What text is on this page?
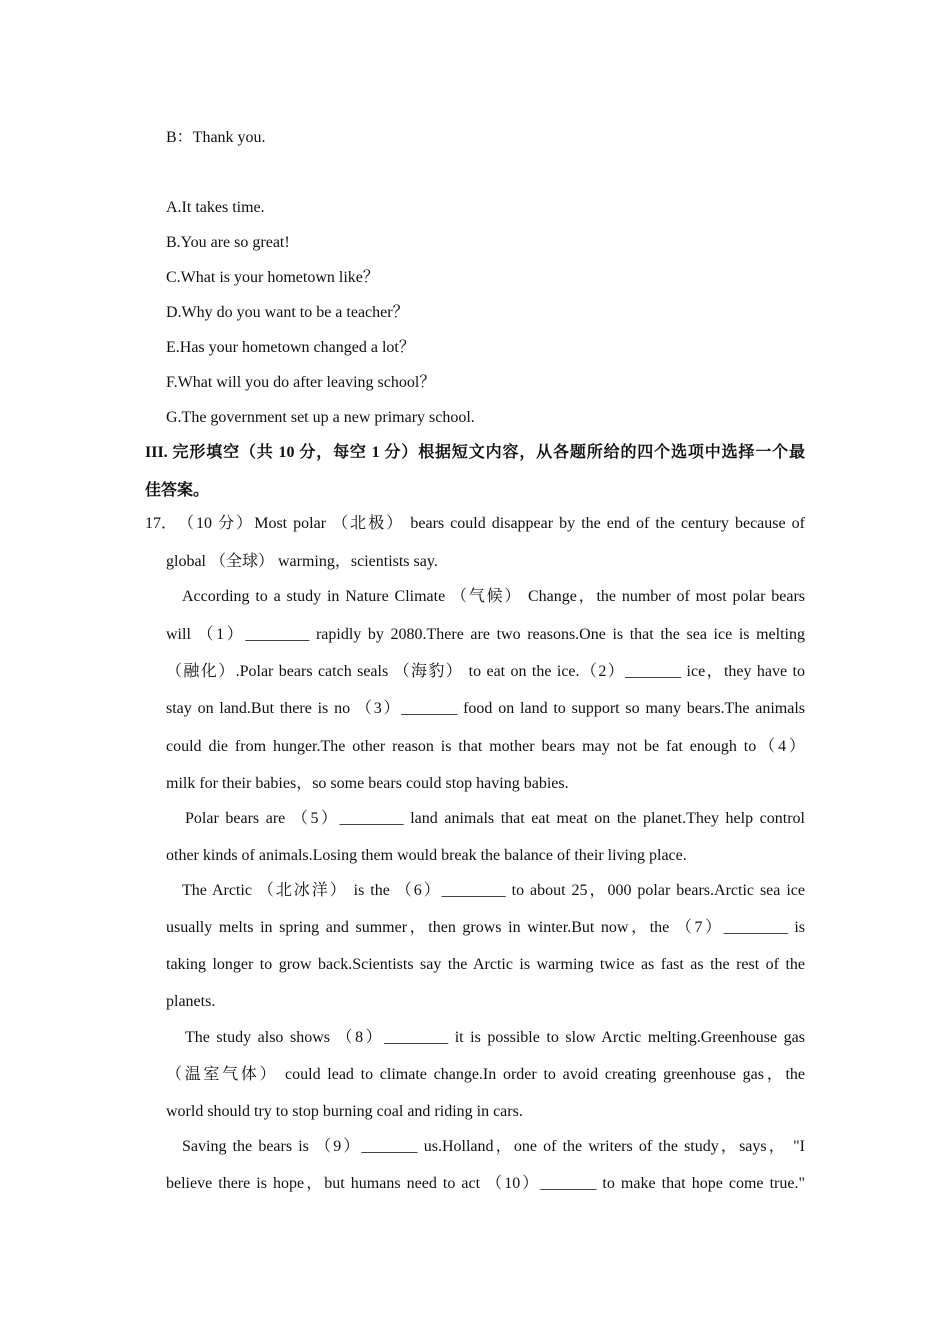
B：Thank you.
A.It takes time.
B.You are so great!
C.What is your hometown like？
D.Why do you want to be a teacher？
E.Has your hometown changed a lot？
F.What will you do after leaving school？
G.The government set up a new primary school.
III. 完形填空（共 10 分，每空 1 分）根据短文内容，从各题所给的四个选项中选择一个最
佳答案。
17． （10 分）Most polar （北极） bears could disappear by the end of the century because of
global （全球） warming，scientists say.
According to a study in Nature Climate （气候） Change，the number of most polar bears
will （1）________ rapidly by 2080.There are two reasons.One is that the sea ice is melting
（融化）.Polar bears catch seals （海豹） to eat on the ice.（2）_______ ice，they have to
stay on land.But there is no （3）_______ food on land to support so many bears.The animals
could die from hunger.The other reason is that mother bears may not be fat enough to（4）
milk for their babies，so some bears could stop having babies.
Polar bears are （5）________ land animals that eat meat on the planet.They help control
other kinds of animals.Losing them would break the balance of their living place.
The Arctic （北冰洋） is the （6）________ to about 25，000 polar bears.Arctic sea ice
usually melts in spring and summer，then grows in winter.But now，the （7）________ is
taking longer to grow back.Scientists say the Arctic is warming twice as fast as the rest of the
planets.
The study also shows （8）________ it is possible to slow Arctic melting.Greenhouse gas
（温室气体） could lead to climate change.In order to avoid creating greenhouse gas，the
world should try to stop burning coal and riding in cars.
Saving the bears is （9）_______ us.Holland，one of the writers of the study，says， "I
believe there is hope，but humans need to act （10）_______ to make that hope come true."
